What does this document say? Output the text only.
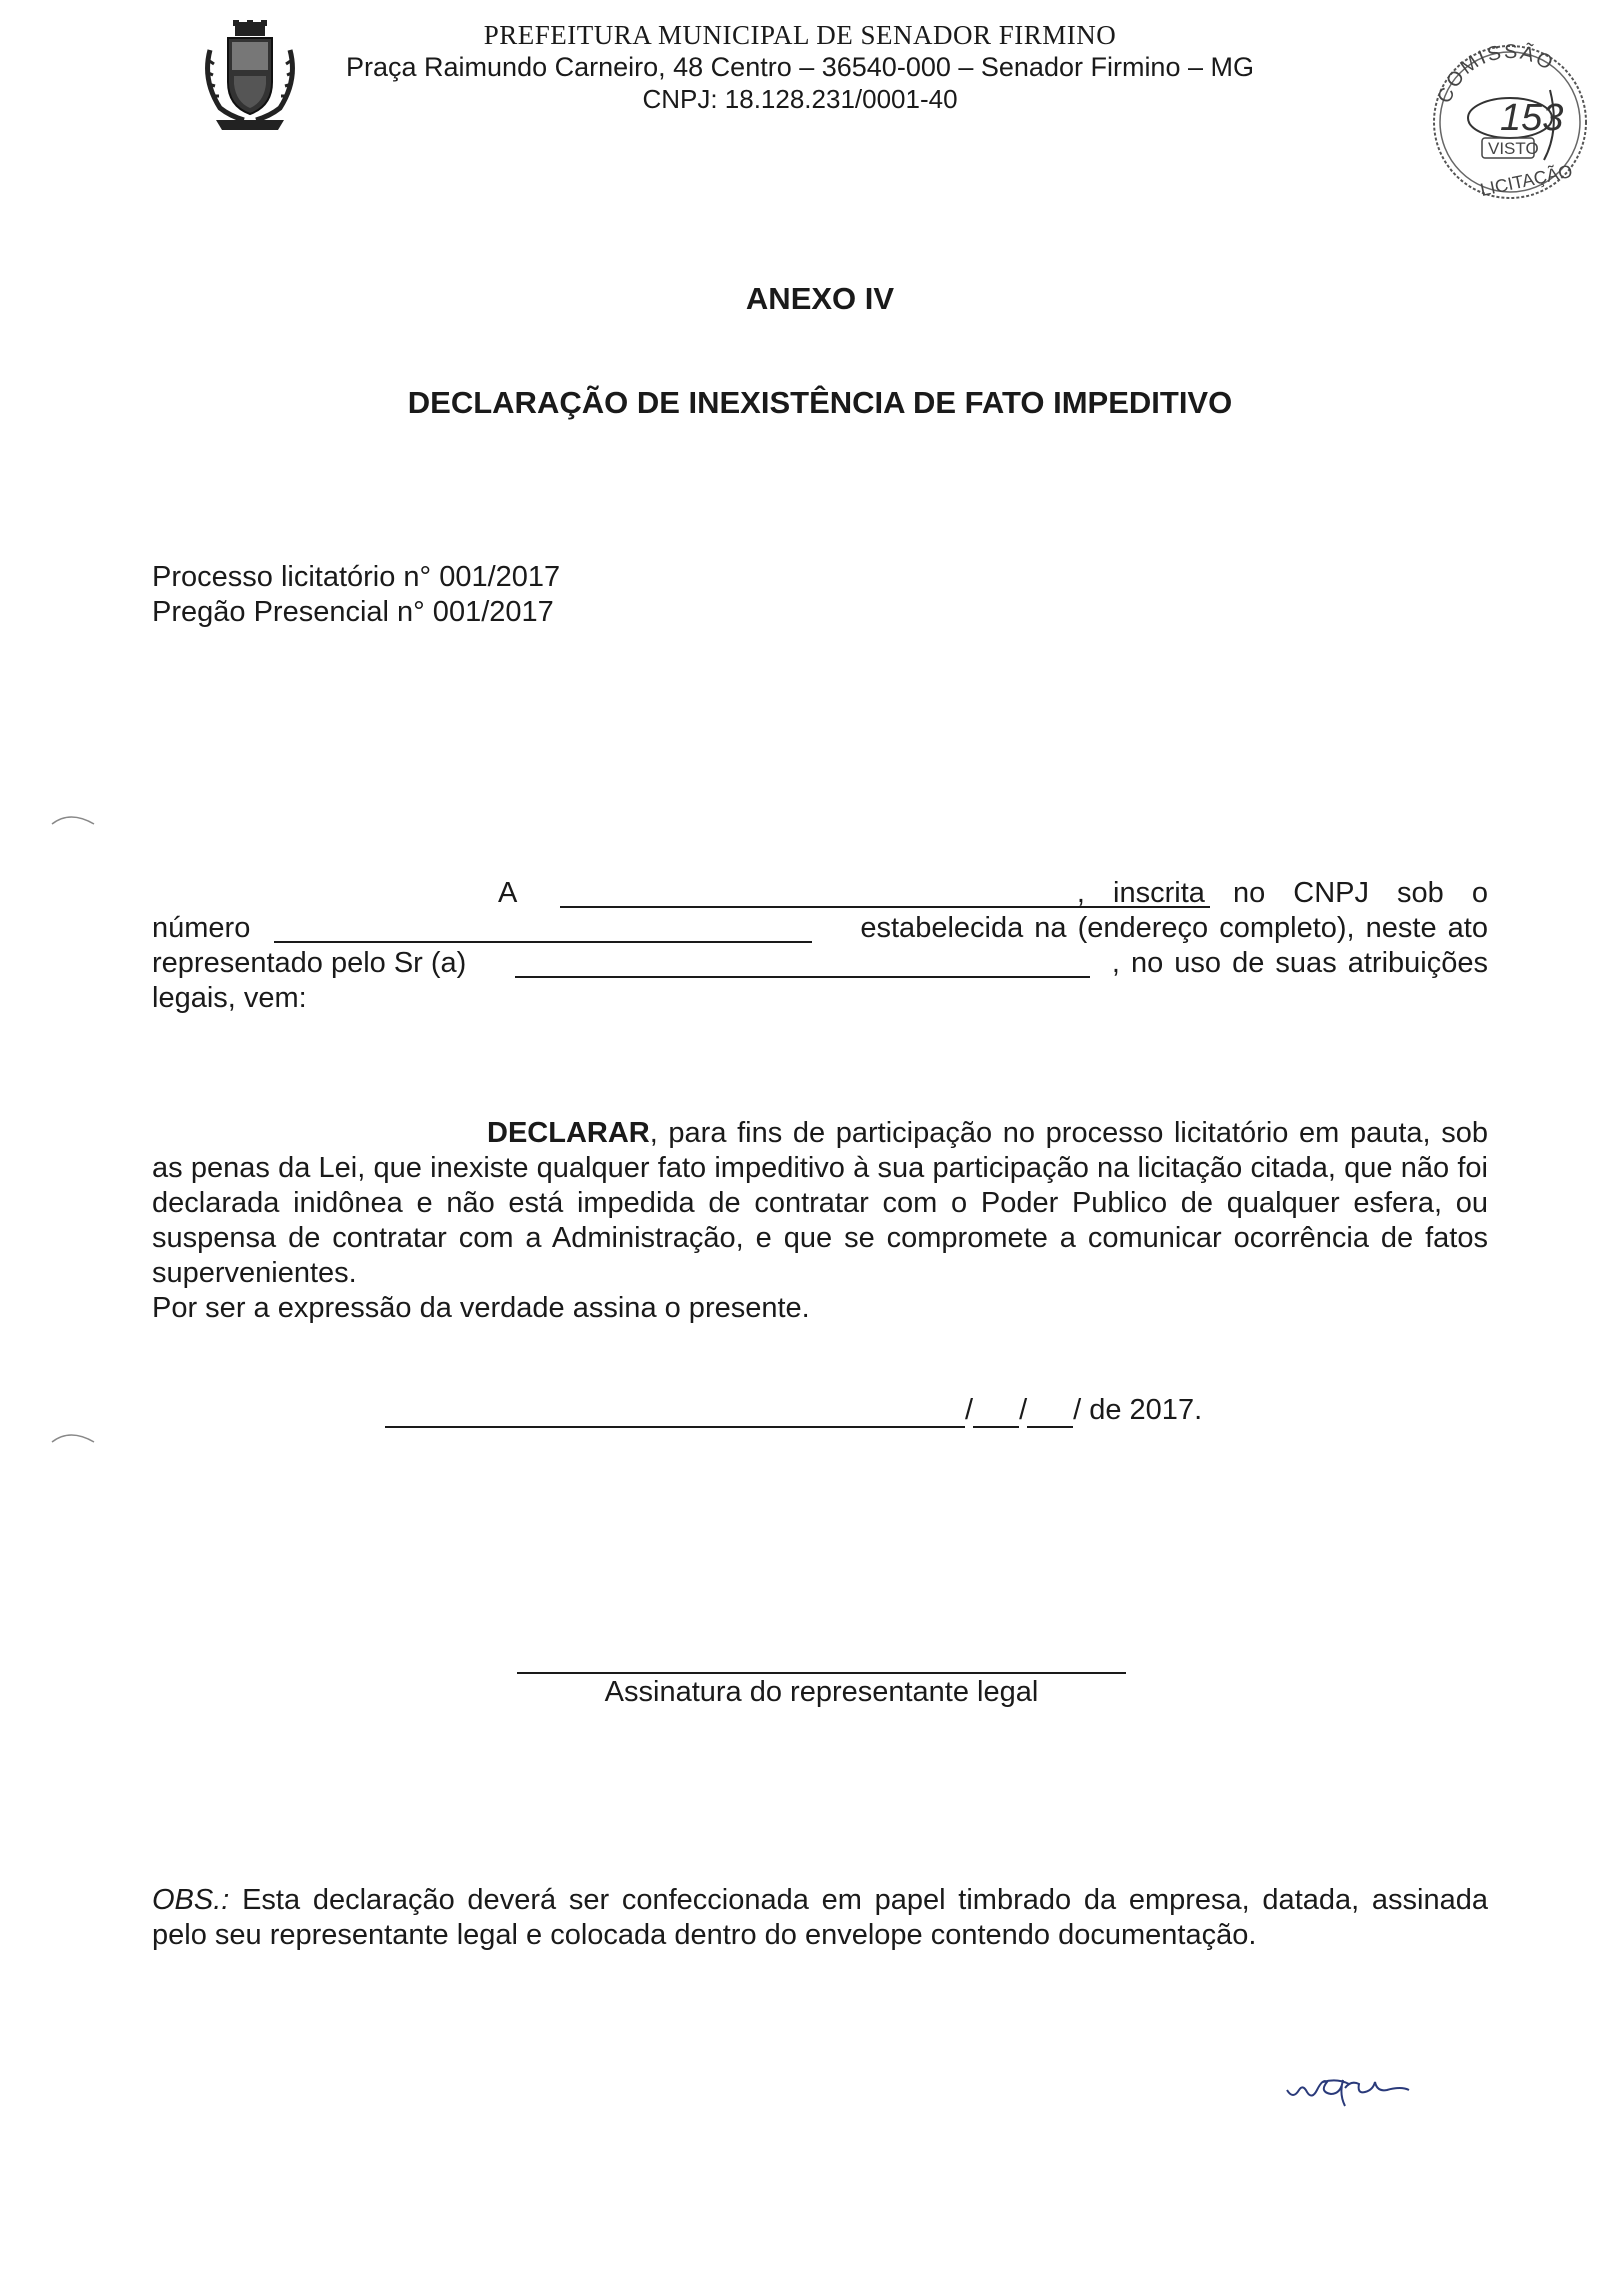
PREFEITURA MUNICIPAL DE SENADOR FIRMINO
Praça Raimundo Carneiro, 48 Centro – 36540-000 – Senador Firmino – MG
CNPJ: 18.128.231/0001-40	COMISSÃO
153
VISTO
LICITAÇÃO
ANEXO IV
DECLARAÇÃO DE INEXISTÊNCIA DE FATO IMPEDITIVO
Processo licitatório n° 001/2017
Pregão Presencial n° 001/2017
A	, inscrita no CNPJ sob o
número	estabelecida na (endereço completo), neste ato
representado pelo Sr (a)	, no uso de suas atribuições
legais, vem:
DECLARAR, para fins de participação no processo licitatório em pauta, sob as penas da Lei, que inexiste qualquer fato impeditivo à sua participação na licitação citada, que não foi declarada inidônea e não está impedida de contratar com o Poder Publico de qualquer esfera, ou suspensa de contratar com a Administração, e que se compromete a comunicar ocorrência de fatos supervenientes.
Por ser a expressão da verdade assina o presente.
/ / / de 2017.
Assinatura do representante legal
OBS.: Esta declaração deverá ser confeccionada em papel timbrado da empresa, datada, assinada pelo seu representante legal e colocada dentro do envelope contendo documentação.
